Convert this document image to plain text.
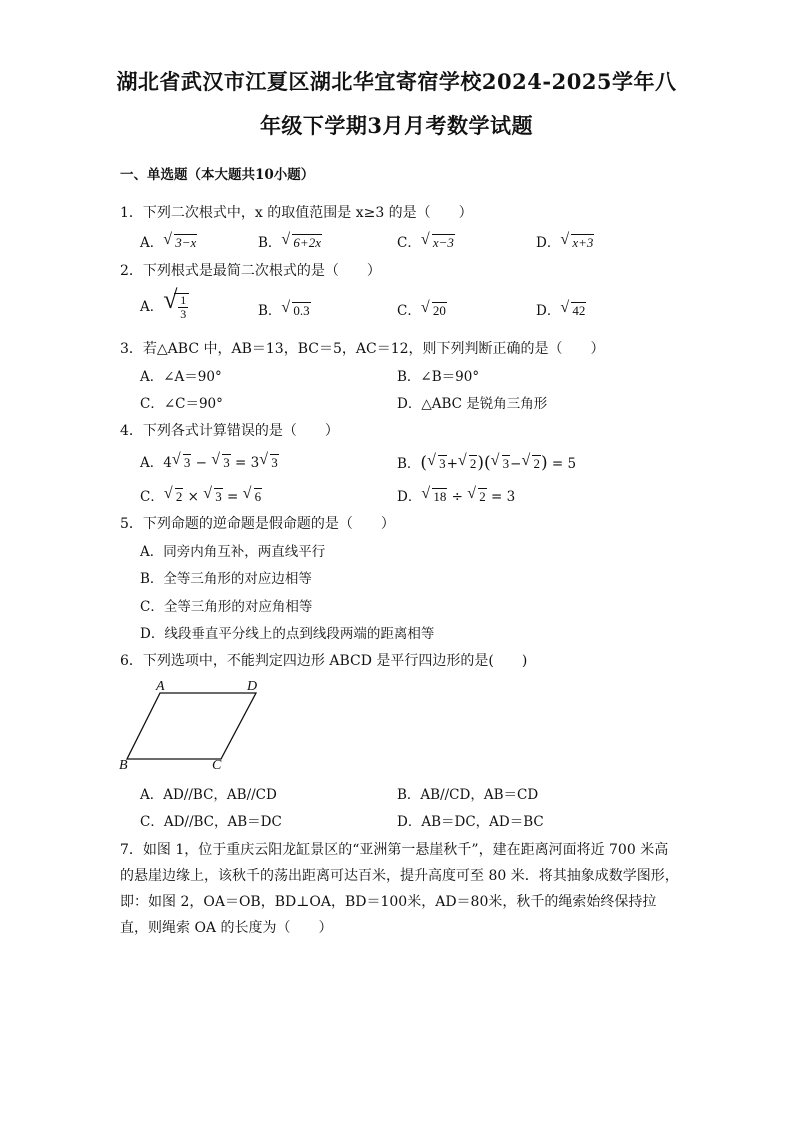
湖北省武汉市江夏区湖北华宜寄宿学校2024-2025学年八
年级下学期3月月考数学试题
一、单选题（本大题共10小题）
1．下列二次根式中，x 的取值范围是 x≥3 的是（　　）
A． √ 3−x	B． √ 6+2x	C． √ x−3	D． √ x+3
2．下列根式是最简二次根式的是（　　）
A． √ $\frac{1}{3}$	B． √ 0.3	C． √ 20	D． √ 42
3．若△ABC 中，AB＝13，BC＝5，AC＝12，则下列判断正确的是（　　）
A．∠A＝90°	B．∠B＝90°
C．∠C＝90°	D．△ABC 是锐角三角形
4．下列各式计算错误的是（　　）
A．4 √ 3 − √ 3 = 3 √ 3	B．( √ 3+ √ 2)( √ 3− √ 2) = 5
C． √ 2 × √ 3 = √ 6	D． √ 18 ÷ √ 2 = 3
5．下列命题的逆命题是假命题的是（　　）
A．同旁内角互补，两直线平行
B．全等三角形的对应边相等
C．全等三角形的对应角相等
D．线段垂直平分线上的点到线段两端的距离相等
6．下列选项中，不能判定四边形 ABCD 是平行四边形的是(　　)
A	D
B	C
A．AD//BC，AB//CD	B．AB//CD，AB＝CD
C．AD//BC，AB＝DC	D．AB＝DC，AD＝BC
7．如图 1，位于重庆云阳龙缸景区的“亚洲第一悬崖秋千”，建在距离河面将近 700 米高的悬崖边缘上，该秋千的荡出距离可达百米，提升高度可至 80 米．将其抽象成数学图形，即：如图 2，OA＝OB，BD⊥OA，BD＝100米，AD＝80米，秋千的绳索始终保持拉直，则绳索 OA 的长度为（　　）
